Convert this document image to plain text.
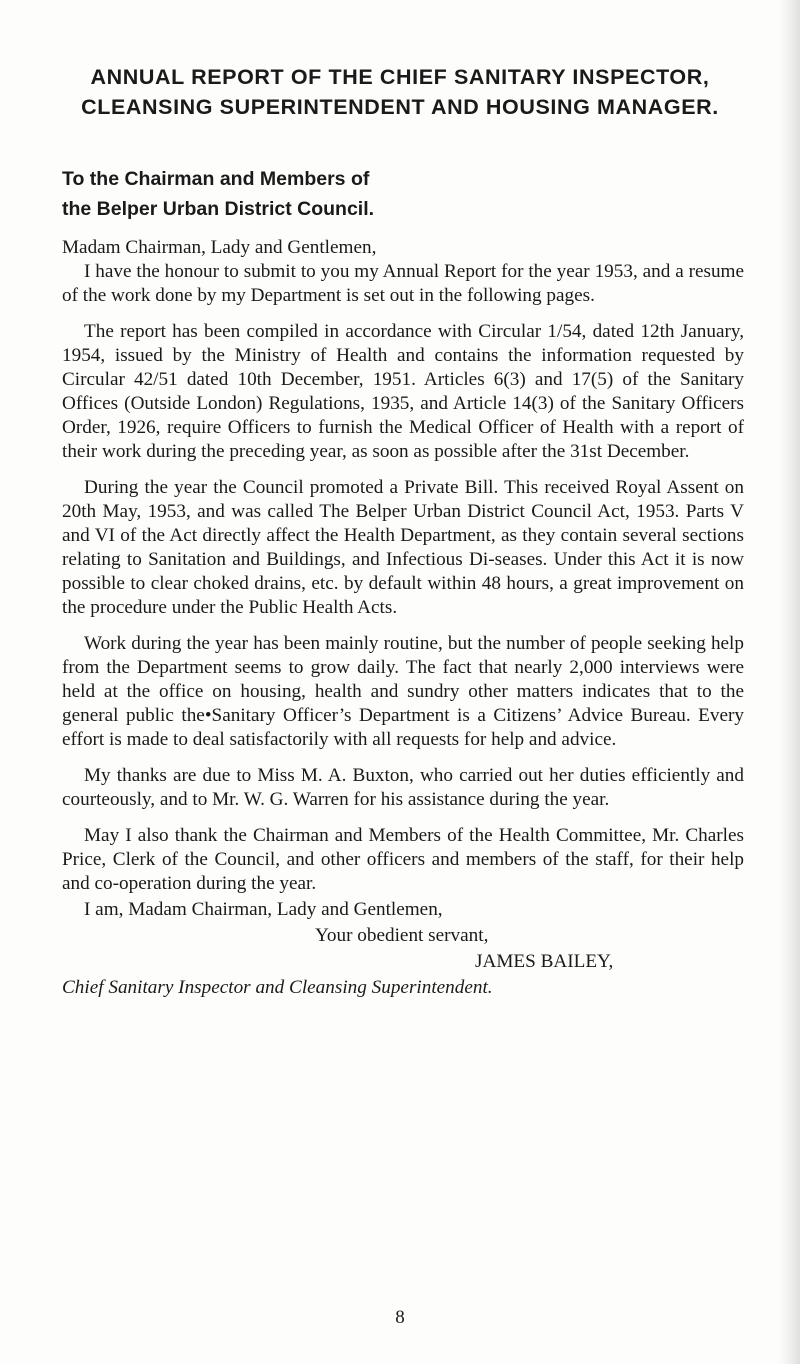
ANNUAL REPORT OF THE CHIEF SANITARY INSPECTOR, CLEANSING SUPERINTENDENT AND HOUSING MANAGER.
To the Chairman and Members of
the Belper Urban District Council.

Madam Chairman, Lady and Gentlemen,

I have the honour to submit to you my Annual Report for the year 1953, and a resume of the work done by my Department is set out in the following pages.

The report has been compiled in accordance with Circular 1/54, dated 12th January, 1954, issued by the Ministry of Health and contains the information requested by Circular 42/51 dated 10th December, 1951. Articles 6(3) and 17(5) of the Sanitary Offices (Outside London) Regulations, 1935, and Article 14(3) of the Sanitary Officers Order, 1926, require Officers to furnish the Medical Officer of Health with a report of their work during the preceding year, as soon as possible after the 31st December.

During the year the Council promoted a Private Bill. This received Royal Assent on 20th May, 1953, and was called The Belper Urban District Council Act, 1953. Parts V and VI of the Act directly affect the Health Department, as they contain several sections relating to Sanitation and Buildings, and Infectious Di-seases. Under this Act it is now possible to clear choked drains, etc. by default within 48 hours, a great improvement on the procedure under the Public Health Acts.

Work during the year has been mainly routine, but the number of people seeking help from the Department seems to grow daily. The fact that nearly 2,000 interviews were held at the office on housing, health and sundry other matters indicates that to the general public the•Sanitary Officer’s Department is a Citizens’ Advice Bureau. Every effort is made to deal satisfactorily with all requests for help and advice.

My thanks are due to Miss M. A. Buxton, who carried out her duties efficiently and courteously, and to Mr. W. G. Warren for his assistance during the year.

May I also thank the Chairman and Members of the Health Committee, Mr. Charles Price, Clerk of the Council, and other officers and members of the staff, for their help and co-operation during the year.

I am, Madam Chairman, Lady and Gentlemen,

Your obedient servant,

JAMES BAILEY,

Chief Sanitary Inspector and Cleansing Superintendent.

8
